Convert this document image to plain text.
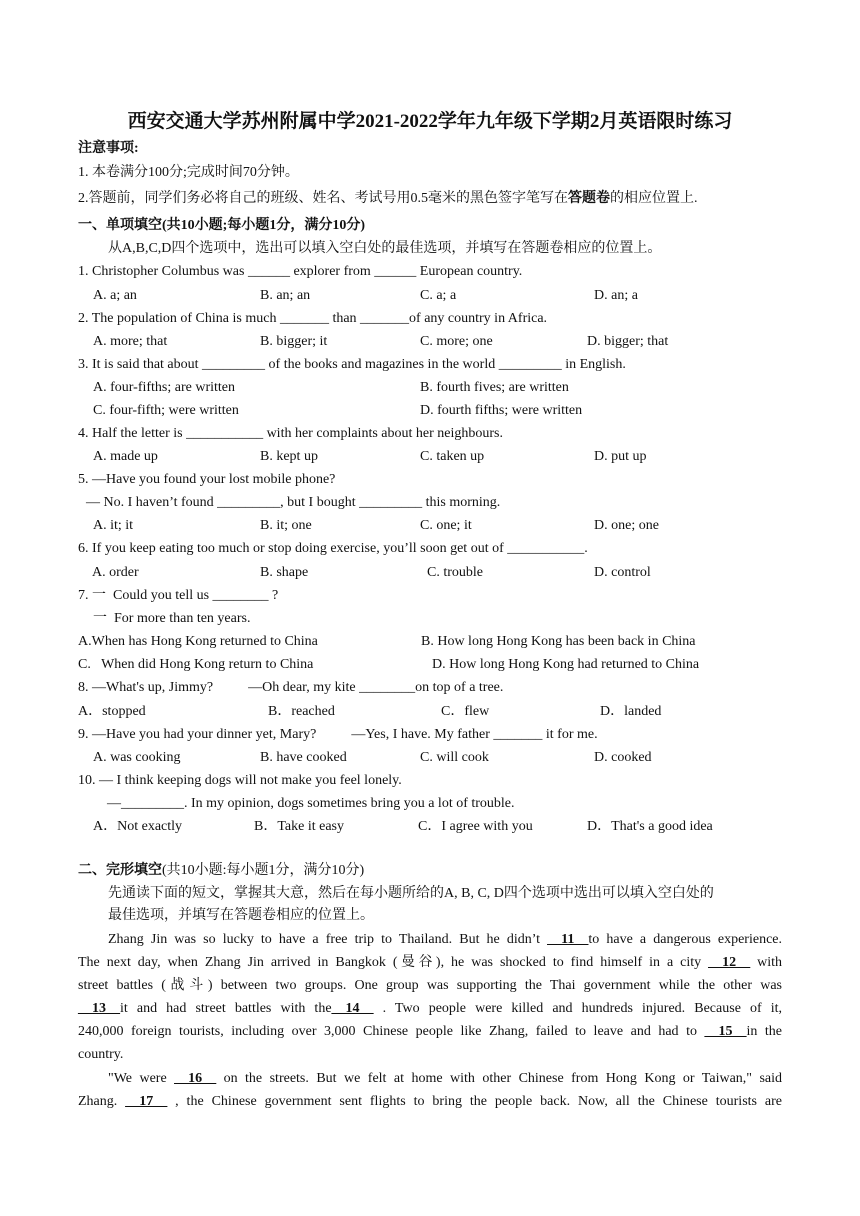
西安交通大学苏州附属中学2021-2022学年九年级下学期2月英语限时练习
注意事项:
1. 本卷满分100分;完成时间70分钟。
2.答题前，同学们务必将自己的班级、姓名、考试号用0.5毫米的黑色签字笔写在答题卷的相应位置上.
一、单项填空(共10小题;每小题1分，满分10分)
从A,B,C,D四个选项中，选出可以填入空白处的最佳选项，并填写在答题卷相应的位置上。
1. Christopher Columbus was ______ explorer from ______ European country.
A. a; an	B. an; an	C. a; a	D. an; a
2. The population of China is much _______ than _______of any country in Africa.
A. more; that	B. bigger; it	C. more; one	D. bigger; that
3. It is said that about _________ of the books and magazines in the world _________ in English.
A. four-fifths; are written	B. fourth fives; are written
C. four-fifth; were written	D. fourth fifths; were written
4. Half the letter is ___________ with her complaints about her neighbours.
A. made up	B. kept up	C. taken up	D. put up
5. —Have you found your lost mobile phone?
— No. I haven’t found _________, but I bought _________ this morning.
A. it; it	B. it; one	C. one; it	D. one; one
6. If you keep eating too much or stop doing exercise, you’ll soon get out of ___________.
A. order	B. shape	C. trouble	D. control
7. 一  Could you tell us ________ ?
一  For more than ten years.
A.When has Hong Kong returned to China	B. How long Hong Kong has been back in China
C.   When did Hong Kong return to China	D. How long Hong Kong had returned to China
8. —What's up, Jimmy?          —Oh dear, my kite ________on top of a tree.
A．stopped	B．reached	C．flew	D．landed
9. —Have you had your dinner yet, Mary?          —Yes, I have. My father _______ it for me.
A. was cooking	B. have cooked	C. will cook	D. cooked
10. — I think keeping dogs will not make you feel lonely.
—_________. In my opinion, dogs sometimes bring you a lot of trouble.
A．Not exactly	B．Take it easy	C．I agree with you	D．That's a good idea
二、完形填空(共10小题:每小题1分，满分10分)
先通读下面的短文，掌握其大意，然后在每小题所给的A, B, C, D四个选项中选出可以填入空白处的
最佳选项，并填写在答题卷相应的位置上。
Zhang Jin was so lucky to have a free trip to Thailand. But he didn’t __11__to have a dangerous experience.
The next day, when Zhang Jin arrived in Bangkok (曼谷), he was shocked to find himself in a city __12__ with
street battles (战斗) between two groups. One group was supporting the Thai government while the other was
__13__it and had street battles with the__14__ . Two people were killed and hundreds injured. Because of it,
240,000 foreign tourists, including over 3,000 Chinese people like Zhang, failed to leave and had to __15__in the
country.
"We were __16__ on the streets. But we felt at home with other Chinese from Hong Kong or Taiwan," said
Zhang. __17__ , the Chinese government sent flights to bring the people back. Now, all the Chinese tourists are
